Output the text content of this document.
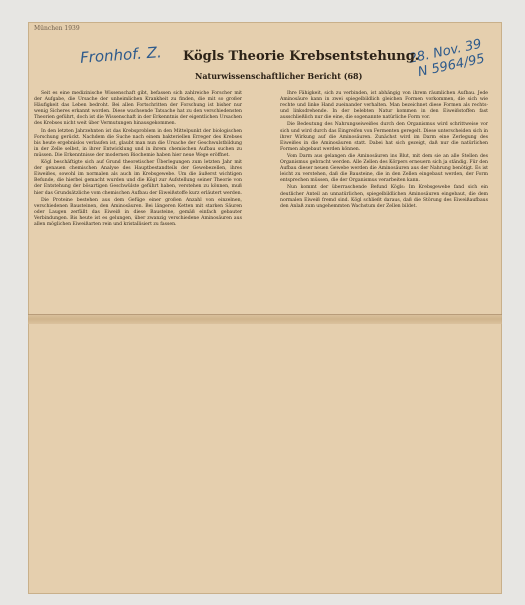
München 1939
Fronhof. Z.	28. Nov. 39
N 5964/95
Kögls Theorie Krebsentstehung.
Naturwissenschaftlicher Bericht (68)

Seit es eine medizinische Wissenschaft gibt, befassen sich zahlreiche Forscher mit der Aufgabe, die Ursache der unheimlichen Krankheit zu finden, die mit so großer Häufigkeit das Leben bedroht. Bei allen Fortschritten der Forschung ist bisher nur wenig Sicheres erkannt worden. Diese wachsende Tatsache hat zu den verschiedensten Theorien geführt, doch ist die Wissenschaft in der Erkenntnis der eigentlichen Ursachen des Krebses nicht weit über Vermutungen hinausgekommen.

In den letzten Jahrzehnten ist das Krebsproblem in den Mittelpunkt der biologischen Forschung gerückt. Nachdem die Suche nach einem bakteriellen Erreger des Krebses bis heute ergebnislos verlaufen ist, glaubt man nun die Ursache der Geschwulstbildung in der Zelle selbst, in ihrer Entwicklung und in ihrem chemischen Aufbau suchen zu müssen. Die Erkenntnisse der modernen Biochemie haben hier neue Wege eröffnet.

Kögl beschäftigte sich auf Grund theoretischer Überlegungen zum letzten Jahr mit der genauen chemischen Analyse des Hauptbestandteils der Gewebezellen, ihres Eiweißes, sowohl im normalen als auch im Krebsgewebe. Um die äußerst wichtigen Befunde, die hierbei gemacht wurden und die Kögl zur Aufstellung seiner Theorie von der Entstehung der bösartigen Geschwülste geführt haben, verstehen zu können, muß hier das Grundsätzliche vom chemischen Aufbau der Eiweißstoffe kurz erläutert werden.

Die Proteine bestehen aus dem Gefüge einer großen Anzahl von einzelnen, verschiedenen Bausteinen, den Aminosäuren. Bei längeren Ketten mit starken Säuren oder Laugen zerfällt das Eiweiß in diese Bausteine, gemäß einfach gebauter Verbindungen. Bis heute ist es gelungen, über zwanzig verschiedene Aminosäuren aus allen möglichen Eiweißarten rein und kristallisiert zu fassen.

Ihre Fähigkeit, sich zu verbinden, ist abhängig von ihrem räumlichen Aufbau. Jede Aminosäure kann in zwei spiegelbildlich gleichen Formen vorkommen, die sich wie rechte und linke Hand zueinander verhalten. Man bezeichnet diese Formen als rechts- und linksdrehende. In der belebten Natur kommen in den Eiweißstoffen fast ausschließlich nur die eine, die sogenannte natürliche Form vor.

Die Bedeutung des Nahrungseiweißes durch den Organismus wird schrittweise vor sich und wird durch das Eingreifen von Fermenten geregelt. Diese unterscheiden sich in ihrer Wirkung auf die Aminosäuren. Zunächst wird im Darm eine Zerlegung des Eiweißes in die Aminosäuren statt. Dabei hat sich gezeigt, daß nur die natürlichen Formen abgebaut werden können.

Vom Darm aus gelangen die Aminosäuren ins Blut, mit dem sie an alle Stellen des Organismus gebracht werden. Alle Zellen des Körpers erneuern sich ja ständig. Für den Aufbau dieser neuen Gewebe werden die Aminosäuren aus der Nahrung benötigt. Es ist leicht zu verstehen, daß die Bausteine, die in den Zellen eingebaut werden, der Form entsprechen müssen, die der Organismus verarbeiten kann.

Nun kommt der überraschende Befund Kögls: Im Krebsgewebe fand sich ein deutlicher Anteil an unnatürlichen, spiegelbildlichen Aminosäuren eingebaut, die dem normalen Eiweiß fremd sind. Kögl schließt daraus, daß die Störung des Eiweißaufbaus den Anlaß zum ungehemmten Wachstum der Zellen bildet.
